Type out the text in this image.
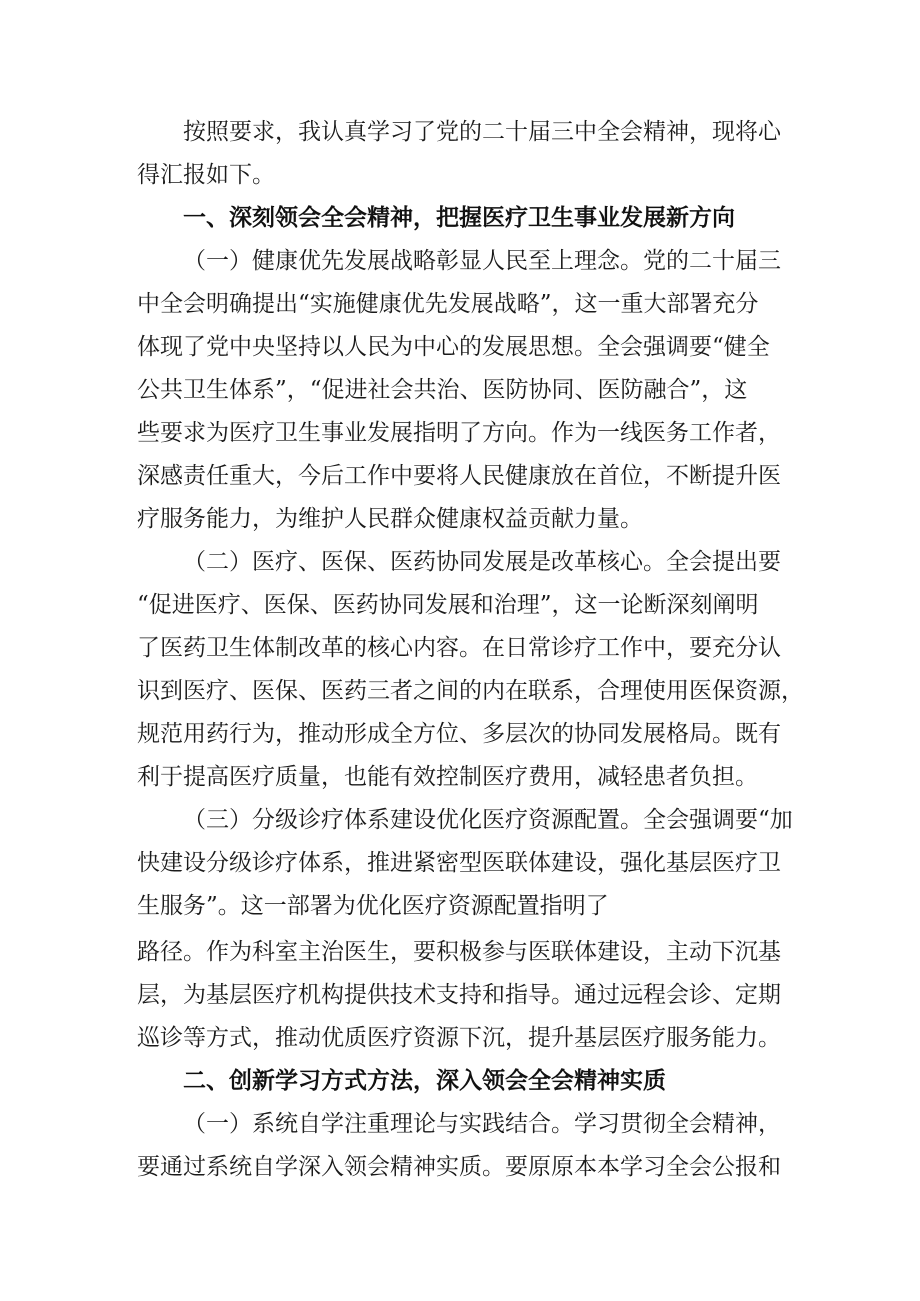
按照要求，我认真学习了党的二十届三中全会精神，现将心
得汇报如下。
一、深刻领会全会精神，把握医疗卫生事业发展新方向
（一）健康优先发展战略彰显人民至上理念。党的二十届三
中全会明确提出“实施健康优先发展战略”，这一重大部署充分
体现了党中央坚持以人民为中心的发展思想。全会强调要“健全
公共卫生体系”，“促进社会共治、医防协同、医防融合”，这
些要求为医疗卫生事业发展指明了方向。作为一线医务工作者，
深感责任重大，今后工作中要将人民健康放在首位，不断提升医
疗服务能力，为维护人民群众健康权益贡献力量。
（二）医疗、医保、医药协同发展是改革核心。全会提出要
“促进医疗、医保、医药协同发展和治理”，这一论断深刻阐明
了医药卫生体制改革的核心内容。在日常诊疗工作中，要充分认
识到医疗、医保、医药三者之间的内在联系，合理使用医保资源，
规范用药行为，推动形成全方位、多层次的协同发展格局。既有
利于提高医疗质量，也能有效控制医疗费用，减轻患者负担。
（三）分级诊疗体系建设优化医疗资源配置。全会强调要“加
快建设分级诊疗体系，推进紧密型医联体建设，强化基层医疗卫
生服务”。这一部署为优化医疗资源配置指明了
路径。作为科室主治医生，要积极参与医联体建设，主动下沉基
层，为基层医疗机构提供技术支持和指导。通过远程会诊、定期
巡诊等方式，推动优质医疗资源下沉，提升基层医疗服务能力。
二、创新学习方式方法，深入领会全会精神实质
（一）系统自学注重理论与实践结合。学习贯彻全会精神，
要通过系统自学深入领会精神实质。要原原本本学习全会公报和
